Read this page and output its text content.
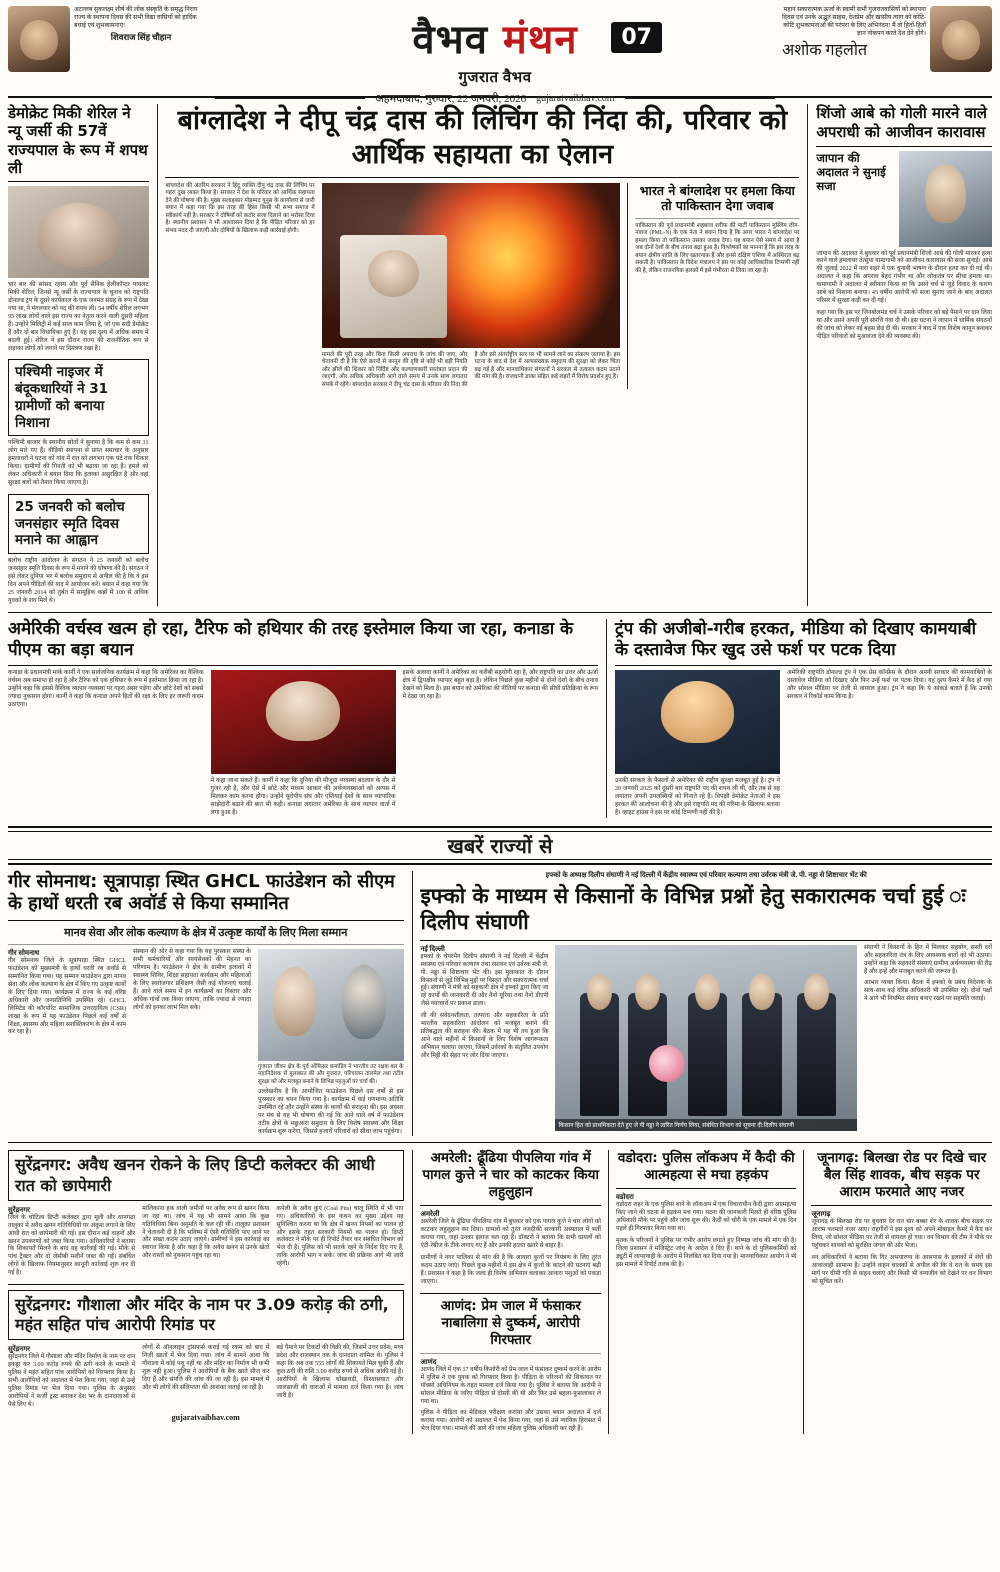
अटल्लब सुकलक्ष्म शीर्ष की लोक संस्कृति के समृद्ध निराग राज्य के स्थापना दिवस की सभी विद्या वासियों को हार्दिक बधाई एवं शुभकामनाएं!
शिवराज सिंह चौहान	वैभव मंथन	07
गुजरात वैभव
अहमदाबाद, गुरुवार, 22 जनवरी, 2026 gujaratvaibhav.com
महान सकारात्मक ऊर्जा के स्वामी सभी गुजरातवासियों को स्थापना दिवस एवं उनके अद्भुत साहस, देशप्रेम और खासीय त्याग को कोटि-कोटि शुभकामनाओं की परंपरा के लिए अभिनंदन! मैं तो हितों-हितों ज्ञान नोकपन करते देश देने होंगे।
अशोक गहलोत
डेमोक्रेट मिकी शेरिल ने न्यू जर्सी की 57वें राज्यपाल के रूप में शपथ ली
चार बार की सांसद रहस्य और पूर्व सैनिक हेलीकॉप्टर पायलट मिकी शेरिल, जिनसे न्यू जर्सी के राज्यपाल के चुनाव को राष्ट्रपति डोनाल्ड ट्रंप के दूसरे कार्यकाल के एक जनमत संग्रह के रूप में देखा गया था, ने मंगलवार को पद की शपथ ली। 54 वर्षीय शेरिल लगभग 95 लाख लोगों वाले इस राज्य का नेतृत्व करने वाली दूसरी महिला हैं। उन्होंने मिलिट्री में कई साल काम लिया है, जो एक सदी डेमोक्रेट हैं और दो बार विधायिका हुए हैं। यह इस दृश्य में अधिक समय में बदली हुई। शेरिल ने इस दौरान राज्य की राजनीतिक रूप से लड़ाका लोगों को लगाने पर नियंत्रण रखा है।
पश्चिमी नाइजर में बंदूकधारियों ने 31 ग्रामीणों को बनाया निशाना
पश्चिमी बाजार के स्थानीय स्रोतों ने सुनाया है कि कम से कम 31 लोग मारे गए हैं। वीडियो स्थापना से प्राप्त समाचार के अनुसार हमलावरों ने घटना को गांव में रात को लगभग एक घंटे तक शिकार किया। ग्रामीणों की गिनती को भी बढ़ाया जा रहा है। हमले को लेकर अधिकारी ने बयान दिया कि इलाका असुरक्षित है और वहां सुरक्षा बलों को तैनात किया जाएगा है।
25 जनवरी को बलोच जनसंहार स्मृति दिवस मनाने का आह्वान
बलोच राष्ट्रीय आंदोलन के संगठन ने 25 जनवरी को बलोच जनसंहार स्मृति दिवस के रूप में मनाने की घोषणा की है। संगठन ने इसे लेकर दुनिया भर में बलोच समुदाय से अपील की है कि वे इस दिन अपने पीड़ितों की याद में आयोजन करें। बयान में कहा गया कि 25 जनवरी 2014 को तुर्बत में सामूहिक कब्रों में 100 से अधिक युवकों के शव मिले थे।
बांग्लादेश ने दीपू चंद्र दास की लिंचिंग की निंदा की, परिवार को आर्थिक सहायता का ऐलान
बांग्लादेश की अंतरिम सरकार ने हिंदू व्यक्ति दीपू चंद्र दास की लिंचिंग पर गहरा दुख व्यक्त किया है। सरकार ने देश के परिवार को आर्थिक सहायता देने की घोषणा की है। मुख्य सलाहकार मोहम्मद यूनुस के कार्यालय से जारी बयान में कहा गया कि इस तरह की हिंसा किसी भी सभ्य समाज में स्वीकार्य नहीं है। सरकार ने दोषियों को कठोर सजा दिलाने का भरोसा दिया है। स्थानीय प्रशासन ने भी आश्वासन दिया है कि पीड़ित परिवार को हर संभव मदद दी जाएगी और दोषियों के खिलाफ कड़ी कार्रवाई होगी।
मामले की पूरी तरह और बिना किसी अपराध के जांच की जाए, और चेतावनी दी है कि ऐसे करनों से कानून की दृष्टि से कोई भी बड़ी नियति और झीलें की शिकार को निर्दिष्ट और कल्याणकारी स्वतंत्रता प्रदान की जाएगी, और अधिक अधिकारी आगे वाले समय में उनके साथ लगातार संपर्क में रहेंगे। बांग्लादेश सरकार ने दीपू चंद्र दास के परिवार की निंदा की है और इसे अंतर्राष्ट्रीय स्तर पर भी सामने लाने का संकल्प जताया है। इस घटना के बाद से देश में अल्पसंख्यक समुदाय की सुरक्षा को लेकर चिंता बढ़ गई है और मानवाधिकार संगठनों ने सरकार से तत्काल कदम उठाने की मांग की है। राजधानी ढाका सहित कई शहरों में विरोध प्रदर्शन हुए हैं।
भारत ने बांग्लादेश पर हमला किया तो पाकिस्तान देगा जवाब
पाकिस्तान की पूर्व प्रधानमंत्री शहबाज शरीफ की पार्टी पाकिस्तान मुस्लिम लीग-नवाज (PML-N) के एक नेता ने बयान दिया है कि अगर भारत ने बांग्लादेश पर हमला किया तो पाकिस्तान उसका जवाब देगा। यह बयान ऐसे समय में आया है जब दोनों देशों के बीच तनाव बढ़ा हुआ है। विश्लेषकों का मानना है कि इस तरह के बयान क्षेत्रीय शांति के लिए खतरनाक हैं और इनसे दक्षिण एशिया में अस्थिरता बढ़ सकती है। पाकिस्तान के विदेश मंत्रालय ने इस पर कोई आधिकारिक टिप्पणी नहीं की है, लेकिन राजनयिक हलकों में इसे गंभीरता से लिया जा रहा है।
शिंजो आबे को गोली मारने वाले अपराधी को आजीवन कारावास
जापान की अदालत ने सुनाई सजा
जापान की अदालत ने बुधवार को पूर्व प्रधानमंत्री शिंजो आबे की गोली मारकर हत्या करने वाले हमलावर तेत्सुया यामागामी को आजीवन कारावास की सजा सुनाई। आबे की जुलाई 2022 में नारा शहर में एक चुनावी भाषण के दौरान हत्या कर दी गई थी। अदालत ने कहा कि अपराध बेहद गंभीर था और लोकतंत्र पर सीधा हमला था। यामागामी ने अदालत में स्वीकार किया था कि उसने चर्च से जुड़े विवाद के कारण आबे को निशाना बनाया। 45 वर्षीय आरोपी को सजा सुनाए जाने के बाद अदालत परिसर में सुरक्षा कड़ी कर दी गई।
कहा गया कि इस पर जिनबोलमंड चर्च ने उसके परिवार को बड़े पैमाने पर दान लिया था और उसने अपनी पूरी संपत्ति गंवा दी थी। इस घटना ने जापान में धार्मिक संगठनों की जांच को लेकर नई बहस छेड़ दी थी। सरकार ने बाद में एक विशेष कानून बनाकर पीड़ित परिवारों को मुआवजा देने की व्यवस्था की।
अमेरिकी वर्चस्व खत्म हो रहा, टैरिफ को हथियार की तरह इस्तेमाल किया जा रहा, कनाडा के पीएम का बड़ा बयान
कनाडा के प्रधानमंत्री मार्क कार्नी ने एक सार्वजनिक कार्यक्रम में कहा कि अमेरिका का वैश्विक वर्चस्व अब समाप्त हो रहा है और टैरिफ को एक हथियार के रूप में इस्तेमाल किया जा रहा है। उन्होंने कहा कि इससे वैश्विक व्यापार व्यवस्था पर गहरा असर पड़ेगा और छोटे देशों को सबसे ज्यादा नुकसान होगा। कार्नी ने कहा कि कनाडा अपने हितों की रक्षा के लिए हर जरूरी कदम उठाएगा।
में कहा जाना सकते हैं। कार्नी ने कहा कि दुनिया की मौजूदा व्यवस्था बदलाव के दौर से गुजर रही है, और ऐसे में छोटे और मध्यम आकार की अर्थव्यवस्थाओं को आपस में मिलकर काम करना होगा। उन्होंने यूरोपीय संघ और एशियाई देशों के साथ व्यापारिक साझेदारी बढ़ाने की बात भी कही। कनाडा लगातार अमेरिका के साथ व्यापार वार्ता में लगा हुआ है।
इसके अलावा कार्नी ने अमेरिका का करीबी सहयोगी रहा है, और राष्ट्रपति का उत्तर और ऊर्जा क्षेत्र में द्विपक्षीय व्यापार बहुत बड़ा है। लेकिन पिछले कुछ महीनों से दोनों देशों के बीच तनाव देखने को मिला है। इस बयान को अमेरिका की नीतियों पर कनाडा की सीधी प्रतिक्रिया के रूप में देखा जा रहा है।
ट्रंप की अजीबो-गरीब हरकत, मीडिया को दिखाए कामयाबी के दस्तावेज फिर खुद उसे फर्श पर पटक दिया
उनकी सरकार के फैसलों से अमेरिका की राष्ट्रीय सुरक्षा मजबूत हुई है। ट्रंप ने 20 जनवरी 2025 को दूसरी बार राष्ट्रपति पद की शपथ ली थी, और तब से वह लगातार अपनी उपलब्धियों को गिनाते रहे हैं। विपक्षी डेमोक्रेट नेताओं ने इस हरकत की आलोचना की है और इसे राष्ट्रपति पद की गरिमा के खिलाफ बताया है। व्हाइट हाउस ने इस पर कोई टिप्पणी नहीं की है।
अमेरिकी राष्ट्रपति डोनाल्ड ट्रंप ने एक प्रेस कॉन्फ्रेंस के दौरान अपनी सरकार की कामयाबियों के दस्तावेज मीडिया को दिखाए और फिर उन्हें फर्श पर पटक दिया। यह दृश्य कैमरे में कैद हो गया और सोशल मीडिया पर तेजी से वायरल हुआ। ट्रंप ने कहा कि ये आंकड़े बताते हैं कि उनकी सरकार ने रिकॉर्ड काम किया है।
खबरें राज्यों से
गीर सोमनाथ: सूत्रापाड़ा स्थित GHCL फाउंडेशन को सीएम के हाथों धरती रब अवॉर्ड से किया सम्मानित
मानव सेवा और लोक कल्याण के क्षेत्र में उत्कृष्ट कार्यों के लिए मिला सम्मान
गीर सोमनाथ
गीर सोमनाथ जिले के सूत्रापाड़ा स्थित GHCL फाउंडेशन को मुख्यमंत्री के हाथों धरती रब अवॉर्ड से सम्मानित किया गया। यह सम्मान फाउंडेशन द्वारा मानव सेवा और लोक कल्याण के क्षेत्र में किए गए उत्कृष्ट कार्यों के लिए दिया गया। कार्यक्रम में राज्य के कई वरिष्ठ अधिकारी और जनप्रतिनिधि उपस्थित रहे। GHCL लिमिटेड की कॉरपोरेट सामाजिक उत्तरदायित्व (CSR) शाखा के रूप में यह फाउंडेशन पिछले कई वर्षों से शिक्षा, स्वास्थ्य और महिला सशक्तिकरण के क्षेत्र में काम कर रहा है।
संस्थान की ओर से कहा गया कि यह पुरस्कार संस्था के सभी कर्मचारियों और स्वयंसेवकों की मेहनत का परिणाम है। फाउंडेशन ने क्षेत्र के ग्रामीण इलाकों में स्वास्थ्य शिविर, शिक्षा सहायता कार्यक्रम और महिलाओं के लिए स्वरोजगार प्रशिक्षण जैसी कई योजनाएं चलाई हैं। आने वाले समय में इन कार्यक्रमों का विस्तार और अधिक गांवों तक किया जाएगा, ताकि ज्यादा से ज्यादा लोगों को इनका लाभ मिल सके।
गुजरात जीवन क्षेत्र के पूर्व ऑफिसर कमांडिंग ने भारतीय तट रक्षक बल के महानिदेशक से मुलाकात की और गुजरात, परिचालन तालमेल तथा तटीय सुरक्षा को और मजबूत बनाने के विभिन्न पहलुओं पर चर्चा की।
उल्लेखनीय है कि आयोजित फाउंडेशन पिछले दस वर्षों से इस पुरस्कार का चयन किया गया है। कार्यक्रम में कई गणमान्य अतिथि उपस्थित रहे और उन्होंने संस्था के कार्यों की सराहना की। इस अवसर पर मंच से यह भी घोषणा की गई कि आने वाले वर्ष में फाउंडेशन तटीय क्षेत्रों के मछुआरा समुदाय के लिए विशेष स्वास्थ्य और शिक्षा कार्यक्रम शुरू करेगा, जिससे हजारों परिवारों को सीधा लाभ पहुंचेगा।
इफ्को के अध्यक्ष दिलीप संघाणी ने नई दिल्ली में केंद्रीय स्वास्थ्य एवं परिवार कल्याण तथा उर्वरक मंत्री जे. पी. नड्डा से शिष्टाचार भेंट की
इफ्को के माध्यम से किसानों के विभिन्न प्रश्नों हेतु सकारात्मक चर्चा हुई ः दिलीप संघाणी
नई दिल्ली
इफ्को के चेयरमैन दिलीप संघाणी ने नई दिल्ली में केंद्रीय स्वास्थ्य एवं परिवार कल्याण तथा रसायन एवं उर्वरक मंत्री जे. पी. नड्डा से शिष्टाचार भेंट की। इस मुलाकात के दौरान किसानों से जुड़े विभिन्न मुद्दों पर विस्तृत और सकारात्मक चर्चा हुई। संघाणी ने मंत्री को सहकारी क्षेत्र में इफ्को द्वारा किए जा रहे कार्यों की जानकारी दी और नैनो यूरिया तथा नैनो डीएपी जैसे नवाचारों पर प्रकाश डाला।
जी की संवेदनशीलता, तत्परता और सहकारिता के प्रति भारतीय सहकारिता आंदोलन को मजबूत बनाने की प्रतिबद्धता की सराहना की। बैठक में यह भी तय हुआ कि आने वाले महीनों में किसानों के लिए विशेष जागरूकता अभियान चलाया जाएगा, जिसमें उर्वरकों के संतुलित उपयोग और मिट्टी की सेहत पर जोर दिया जाएगा।
किसान हित को प्राथमिकता देते हुए जे पी नड्डा ने त्वरित निर्णय लिया, संबंधित विभाग को सूचना दी:दिलीप संघाणी
संघाणी ने किसानों के हित में मिलकर सहयोग, सस्ती दरों और सहकारिता तंत्र के लिए आवश्यक बातों को भी उठाया। उन्होंने कहा कि सहकारी संस्थाएं ग्रामीण अर्थव्यवस्था की रीढ़ हैं और इन्हें और मजबूत करने की जरूरत है।
आभार व्यक्त किया। बैठक में इफ्को के प्रबंध निदेशक के साथ-साथ कई वरिष्ठ अधिकारी भी उपस्थित रहे। दोनों पक्षों ने आगे भी नियमित संवाद बनाए रखने पर सहमति जताई।
सुरेंद्रनगर: अवैध खनन रोकने के लिए डिप्टी कलेक्टर की आधी रात को छापेमारी
सुरेंद्रनगर
जिले के चोटिला डिप्टी कलेक्टर द्वारा मूली और धानगढ़ा तालुका में अवैध खनन गतिविधियों पर अंकुश लगाने के लिए आधी रात को छापेमारी की गई। इस दौरान कई वाहनों और खनन उपकरणों को जब्त किया गया। अधिकारियों ने बताया कि शिकायतें मिलने के बाद यह कार्रवाई की गई। मौके से पांच ट्रैक्टर और दो जेसीबी मशीनें जब्त की गईं। संबंधित लोगों के खिलाफ नियमानुसार कानूनी कार्रवाई शुरू कर दी गई है।
मालिकाना हक वाली जमीनों पर अवैध रूप से खनन किया जा रहा था। जांच में यह भी सामने आया कि कुछ गतिविधियां बिना अनुमति के चल रही थीं। तालुका प्रशासन ने चेतावनी दी है कि भविष्य में ऐसी गतिविधि पाए जाने पर और सख्त कदम उठाए जाएंगे। ग्रामीणों ने इस कार्रवाई का स्वागत किया है और कहा है कि अवैध खनन से उनके खेतों और रास्तों को नुकसान पहुंच रहा था।
कपेली के अवैध कुएं (Coal Pits) चालू स्थिति में भी पाए गए। अधिकारियों के इस कथन का मुख्य उद्देश्य यह सुनिश्चित करना था कि क्षेत्र में खनन नियमों का पालन हो और इसके तहत सरकारी नियमों का पालन हो। डिप्टी कलेक्टर ने मौके पर ही रिपोर्ट तैयार कर संबंधित विभाग को भेज दी है। पुलिस को भी सतर्क रहने के निर्देश दिए गए हैं, ताकि आरोपी भाग न सकें। जांच की प्रक्रिया आगे भी जारी रहेगी।
सुरेंद्रनगर: गौशाला और मंदिर के नाम पर 3.09 करोड़ की ठगी, महंत सहित पांच आरोपी रिमांड पर
सुरेंद्रनगर
सुरेंद्रनगर जिले में गौशाला और मंदिर निर्माण के नाम पर दान इकट्ठा कर 3.09 करोड़ रुपये की ठगी करने के मामले में पुलिस ने महंत सहित पांच आरोपियों को गिरफ्तार किया है। सभी आरोपियों को अदालत में पेश किया गया, जहां से उन्हें पुलिस रिमांड पर भेज दिया गया। पुलिस के अनुसार आरोपियों ने फर्जी ट्रस्ट बनाकर देश भर के दानदाताओं से पैसे लिए थे।
लोगों से ऑनलाइन ट्रांसफर्स कराई गई रकम को बाद में निजी खातों में भेज दिया गया। जांच में सामने आया कि गौशाला में कोई पशु नहीं था और मंदिर का निर्माण भी कभी शुरू नहीं हुआ। पुलिस ने आरोपियों के बैंक खाते सीज कर दिए हैं और संपत्ति की जांच की जा रही है। इस मामले में और भी लोगों की संलिप्तता की आशंका जताई जा रही है।
बड़े पैमाने पर टिकटों की विक्री की, जिसमें उत्तर प्रदेश, मध्य प्रदेश और राजस्थान तक के दानदाता शामिल थे। पुलिस ने कहा कि अब तक 555 लोगों की शिकायतें मिल चुकी हैं और कुल ठगी की राशि 3.09 करोड़ रुपये से अधिक आंकी गई है। आरोपियों के खिलाफ धोखाधड़ी, विश्वासघात और जालसाजी की धाराओं में मामला दर्ज किया गया है। जांच जारी है।
gujaratvaibhav.com
अमरेली: ढूँढिया पीपलिया गांव में पागल कुत्ते ने चार को काटकर किया लहुलुहान
अमरेली
अमरेली जिले के ढूँढिया पीपलिया गांव में बुधवार को एक पागल कुत्ते ने चार लोगों को काटकर लहुलुहान कर दिया। घायलों को तुरंत नजदीकी सरकारी अस्पताल में भर्ती कराया गया, जहां उनका इलाज चल रहा है। डॉक्टरों ने बताया कि सभी घायलों को एंटी-रेबीज के टीके लगाए गए हैं और उनकी हालत खतरे से बाहर है।
ग्रामीणों ने नगर पालिका से मांग की है कि आवारा कुत्तों पर नियंत्रण के लिए तुरंत कदम उठाए जाएं। पिछले कुछ महीनों में इस क्षेत्र में कुत्तों के काटने की घटनाएं बढ़ी हैं। प्रशासन ने कहा है कि जल्द ही विशेष अभियान चलाकर आवारा पशुओं को पकड़ा जाएगा।
आणंद: प्रेम जाल में फंसाकर नाबालिगा से दुष्कर्म, आरोपी गिरफ्तार
आणंद
आणंद जिले में एक 17 वर्षीय किशोरी को प्रेम जाल में फंसाकर दुष्कर्म करने के आरोप में पुलिस ने एक युवक को गिरफ्तार किया है। पीड़िता के परिजनों की शिकायत पर पॉक्सो अधिनियम के तहत मामला दर्ज किया गया है। पुलिस ने बताया कि आरोपी ने सोशल मीडिया के जरिए पीड़िता से दोस्ती की थी और फिर उसे बहला-फुसलाकर ले गया था।
पुलिस ने पीड़िता का मेडिकल परीक्षण कराया और उसका बयान अदालत में दर्ज कराया गया। आरोपी को अदालत में पेश किया गया, जहां से उसे न्यायिक हिरासत में भेज दिया गया। मामले की आगे की जांच महिला पुलिस अधिकारी कर रही हैं।
वडोदरा: पुलिस लॉकअप में कैदी की आत्महत्या से मचा हड़कंप
वडोदरा
वडोदरा शहर के एक पुलिस थाने के लॉकअप में एक विचाराधीन कैदी द्वारा आत्महत्या किए जाने की घटना से हड़कंप मच गया। घटना की जानकारी मिलते ही वरिष्ठ पुलिस अधिकारी मौके पर पहुंचे और जांच शुरू की। कैदी को चोरी के एक मामले में एक दिन पहले ही गिरफ्तार किया गया था।
मृतक के परिजनों ने पुलिस पर गंभीर आरोप लगाते हुए निष्पक्ष जांच की मांग की है। जिला प्रशासन ने मजिस्ट्रेट जांच के आदेश दे दिए हैं। थाने के दो पुलिसकर्मियों को ड्यूटी में लापरवाही के आरोप में निलंबित कर दिया गया है। मानवाधिकार आयोग ने भी इस मामले में रिपोर्ट तलब की है।
जूनागढ़: बिलखा रोड पर दिखे चार बैल सिंह शावक, बीच सड़क पर आराम फरमाते आए नजर
जूनागढ़
जूनागढ़ के बिलखा रोड पर बुधवार देर रात चार बब्बर शेर के शावक बीच सड़क पर आराम फरमाते नजर आए। राहगीरों ने इस दृश्य को अपने मोबाइल कैमरे में कैद कर लिया, जो सोशल मीडिया पर तेजी से वायरल हो गया। वन विभाग की टीम ने मौके पर पहुंचकर शावकों को सुरक्षित जंगल की ओर भेजा।
वन अधिकारियों ने बताया कि गिर अभयारण्य के आसपास के इलाकों में शेरों की आवाजाही सामान्य है। उन्होंने वाहन चालकों से अपील की कि वे रात के समय इस मार्ग पर धीमी गति से वाहन चलाएं और किसी भी वन्यजीव को देखने पर वन विभाग को सूचित करें।
